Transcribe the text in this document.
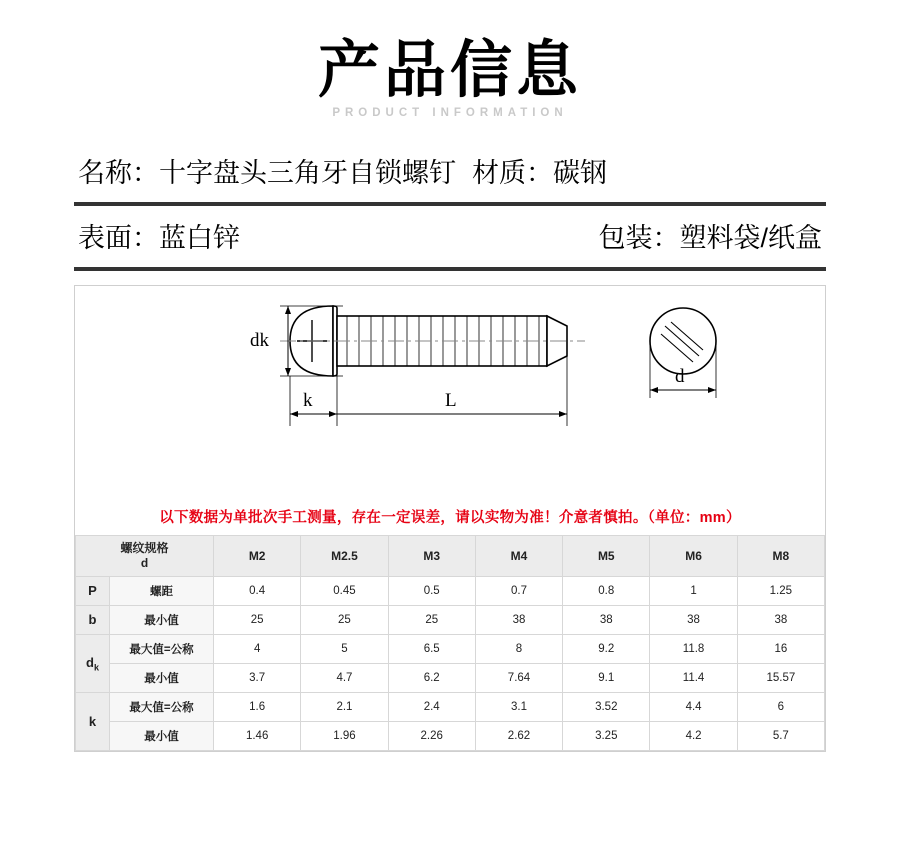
产品信息
PRODUCT INFORMATION
名称： 十字盘头三角牙自锁螺钉 材质： 碳钢
表面： 蓝白锌	包装： 塑料袋/纸盒
dk
k	L
d
以下数据为单批次手工测量，存在一定误差，请以实物为准！介意者慎拍。（单位：mm）
螺纹规格
d		M2	M2.5	M3	M4	M5	M6	M8
P	螺距	0.4	0.45	0.5	0.7	0.8	1	1.25
b	最小值	25	25	25	38	38	38	38
$d_k$	最大值=公称	4	5	6.5	8	9.2	11.8	16
	最小值	3.7	4.7	6.2	7.64	9.1	11.4	15.57
k	最大值=公称	1.6	2.1	2.4	3.1	3.52	4.4	6
	最小值	1.46	1.96	2.26	2.62	3.25	4.2	5.7
